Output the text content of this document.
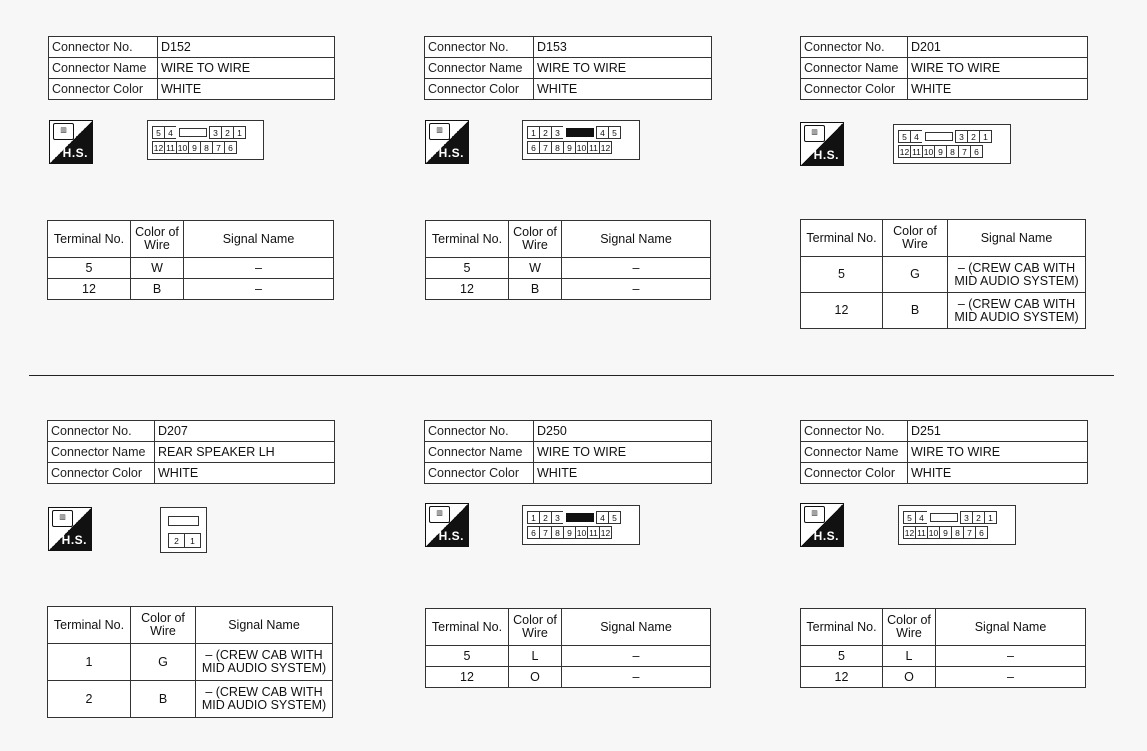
Connector No.	D152
Connector Name	WIRE TO WIRE
Connector Color	WHITE
▥
H.S.
5 4	3 2 1
12 11 10 9 8 7 6
Terminal No.	Color of Wire	Signal Name
5	W	–
12	B	–
Connector No.	D153
Connector Name	WIRE TO WIRE
Connector Color	WHITE
▥
H.S.
1 2 3	4 5
6 7 8 9 10 11 12
Terminal No.	Color of Wire	Signal Name
5	W	–
12	B	–
Connector No.	D201
Connector Name	WIRE TO WIRE
Connector Color	WHITE
▥
H.S.
5 4	3 2 1
12 11 10 9 8 7 6
Terminal No.	Color of Wire	Signal Name
5	G	– (CREW CAB WITH MID AUDIO SYSTEM)
12	B	– (CREW CAB WITH MID AUDIO SYSTEM)
Connector No.	D207
Connector Name	REAR SPEAKER LH
Connector Color	WHITE
▥
H.S.	2	1
Terminal No.	Color of Wire	Signal Name
1	G	– (CREW CAB WITH MID AUDIO SYSTEM)
2	B	– (CREW CAB WITH MID AUDIO SYSTEM)
Connector No.	D250
Connector Name	WIRE TO WIRE
Connector Color	WHITE
▥
H.S.
1 2 3	4 5
6 7 8 9 10 11 12
Terminal No.	Color of Wire	Signal Name
5	L	–
12	O	–
Connector No.	D251
Connector Name	WIRE TO WIRE
Connector Color	WHITE
▥
H.S.
5 4	3 2 1
12 11 10 9 8 7 6
Terminal No.	Color of Wire	Signal Name
5	L	–
12	O	–
